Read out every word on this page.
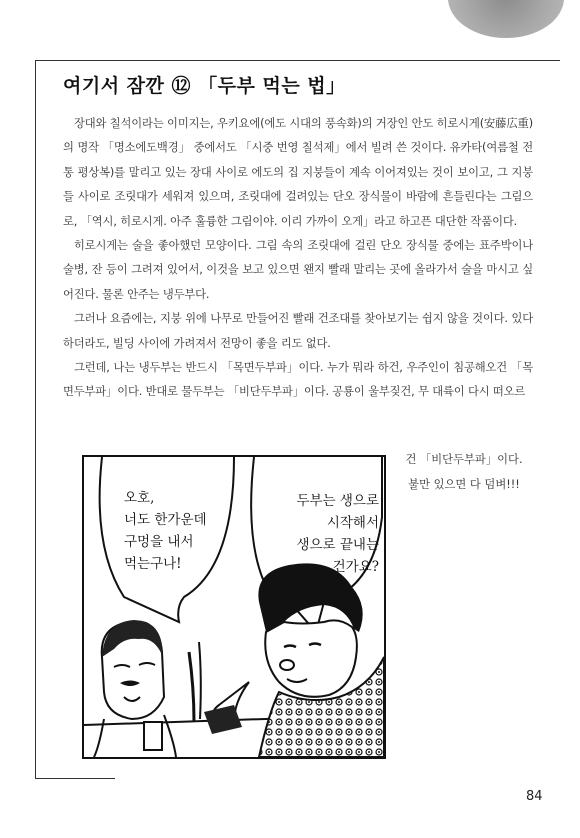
여기서 잠깐 ⑫ 「두부 먹는 법」

장대와 칠석이라는 이미지는, 우키요에(에도 시대의 풍속화)의 거장인 안도 히로시게(安藤広重)의 명작 「명소에도백경」 중에서도 「시중 번영 칠석제」에서 빌려 쓴 것이다. 유카타(여름철 전통 평상복)를 말리고 있는 장대 사이로 에도의 집 지붕들이 계속 이어져있는 것이 보이고, 그 지붕들 사이로 조릿대가 세워져 있으며, 조릿대에 걸려있는 단오 장식물이 바람에 흔들린다는 그림으로, 「역시, 히로시게. 아주 훌륭한 그림이야. 이리 가까이 오게」라고 하고픈 대단한 작품이다.

히로시게는 술을 좋아했던 모양이다. 그림 속의 조릿대에 걸린 단오 장식물 중에는 표주박이나 술병, 잔 등이 그려져 있어서, 이것을 보고 있으면 왠지 빨래 말리는 곳에 올라가서 술을 마시고 싶어진다. 물론 안주는 냉두부다.

그러나 요즘에는, 지붕 위에 나무로 만들어진 빨래 건조대를 찾아보기는 쉽지 않을 것이다. 있다 하더라도, 빌딩 사이에 가려져서 전망이 좋을 리도 없다.

그런데, 나는 냉두부는 반드시 「목면두부파」이다. 누가 뭐라 하건, 우주인이 침공해오건 「목면두부파」이다. 반대로 물두부는 「비단두부파」이다. 공룡이 울부짖건, 무 대륙이 다시 떠오르

건 「비단두부파」이다.
불만 있으면 다 덤벼!!!
오호,
너도 한가운데
구멍을 내서
먹는구나!
두부는 생으로
시작해서
생으로 끝내는
건가요?
84
